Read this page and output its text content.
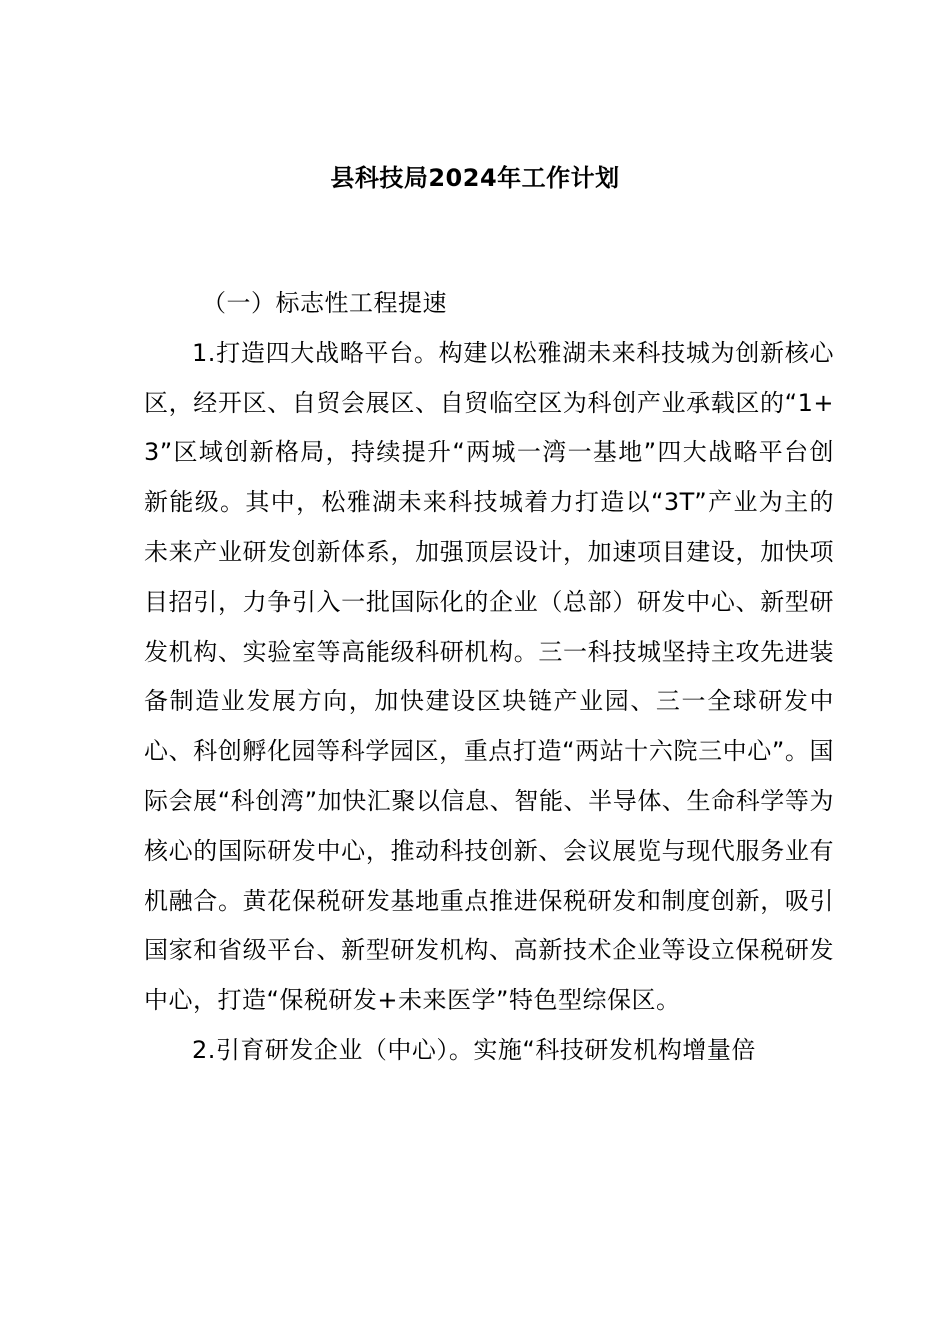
县科技局2024年工作计划

（一）标志性工程提速

1.打造四大战略平台。构建以松雅湖未来科技城为创新核心区，经开区、自贸会展区、自贸临空区为科创产业承载区的“1+3”区域创新格局，持续提升“两城一湾一基地”四大战略平台创新能级。其中，松雅湖未来科技城着力打造以“3T”产业为主的未来产业研发创新体系，加强顶层设计，加速项目建设，加快项目招引，力争引入一批国际化的企业（总部）研发中心、新型研发机构、实验室等高能级科研机构。三一科技城坚持主攻先进装备制造业发展方向，加快建设区块链产业园、三一全球研发中心、科创孵化园等科学园区，重点打造“两站十六院三中心”。国际会展“科创湾”加快汇聚以信息、智能、半导体、生命科学等为核心的国际研发中心，推动科技创新、会议展览与现代服务业有机融合。黄花保税研发基地重点推进保税研发和制度创新，吸引国家和省级平台、新型研发机构、高新技术企业等设立保税研发中心，打造“保税研发+未来医学”特色型综保区。

2.引育研发企业（中心）。实施“科技研发机构增量倍
